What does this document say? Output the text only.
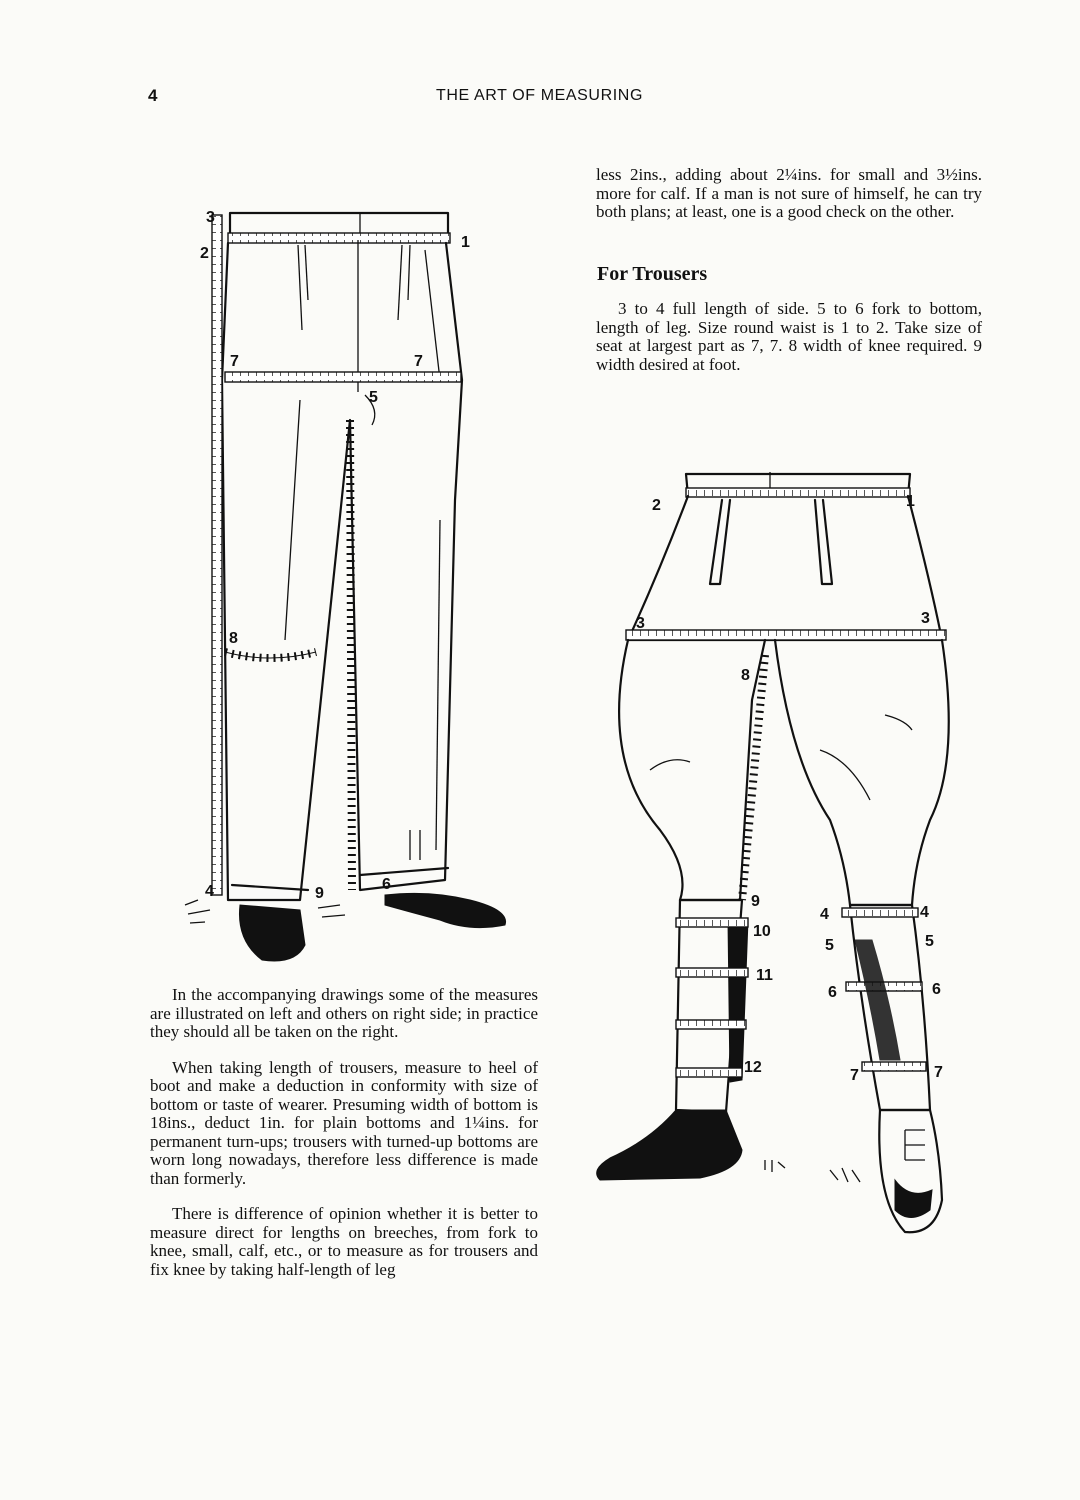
4	THE ART OF MEASURING

less 2ins., adding about 2¼ins. for small and 3½ins. more for calf. If a man is not sure of himself, he can try both plans; at least, one is a good check on the other.

For Trousers

3 to 4 full length of side. 5 to 6 fork to bottom, length of leg. Size round waist is 1 to 2. Take size of seat at largest part as 7, 7. 8 width of knee required. 9 width desired at foot.

In the accompanying drawings some of the measures are illustrated on left and others on right side; in practice they should all be taken on the right.

When taking length of trousers, measure to heel of boot and make a deduction in conformity with size of bottom or taste of wearer. Presuming width of bottom is 18ins., deduct 1in. for plain bottoms and 1¼ins. for permanent turn-ups; trousers with turned-up bottoms are worn long nowadays, therefore less difference is made than formerly.

There is difference of opinion whether it is better to measure direct for lengths on breeches, from fork to knee, small, calf, etc., or to measure as for trousers and fix knee by taking half-length of leg

3
2
1
7	7
5
8
4	9
6
2	1
3	3
8
9
10
11
12
4	4
5	5
6	6
7	7
